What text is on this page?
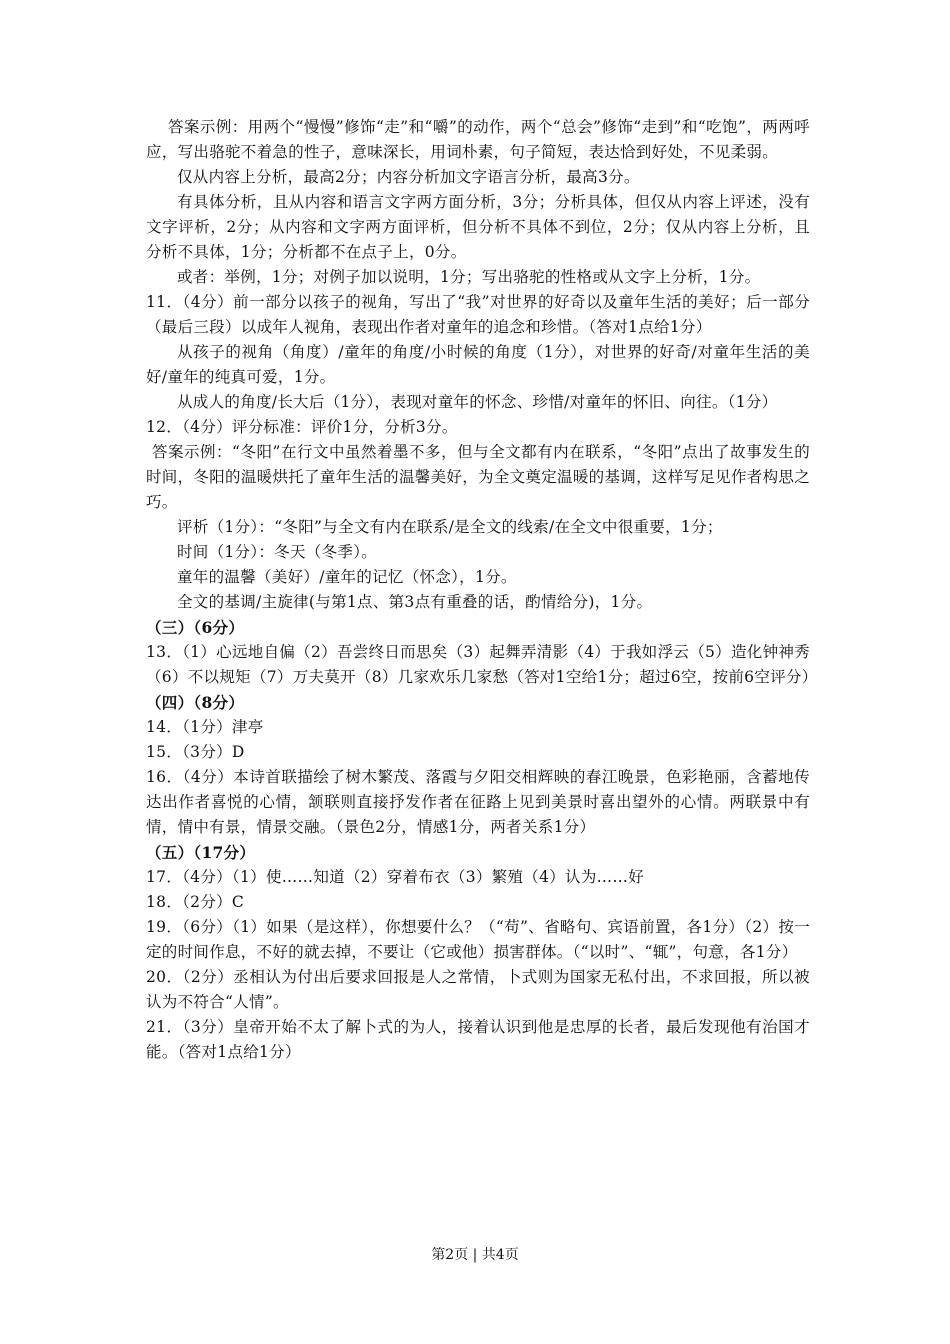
答案示例：用两个“慢慢”修饰“走”和“嚼”的动作，两个“总会”修饰“走到”和“吃饱”，两两呼应，写出骆驼不着急的性子，意味深长，用词朴素，句子简短，表达恰到好处，不见柔弱。

仅从内容上分析，最高2分；内容分析加文字语言分析，最高3分。

有具体分析，且从内容和语言文字两方面分析，3分；分析具体，但仅从内容上评述，没有文字评析，2分；从内容和文字两方面评析，但分析不具体不到位，2分；仅从内容上分析，且分析不具体，1分；分析都不在点子上，0分。

或者：举例，1分；对例子加以说明，1分；写出骆驼的性格或从文字上分析，1分。

11．（4分）前一部分以孩子的视角，写出了“我”对世界的好奇以及童年生活的美好；后一部分（最后三段）以成年人视角，表现出作者对童年的追念和珍惜。（答对1点给1分）

从孩子的视角（角度）/童年的角度/小时候的角度（1分），对世界的好奇/对童年生活的美好/童年的纯真可爱，1分。

从成人的角度/长大后（1分），表现对童年的怀念、珍惜/对童年的怀旧、向往。（1分）

12．（4分）评分标准：评价1分，分析3分。

答案示例：“冬阳”在行文中虽然着墨不多，但与全文都有内在联系，“冬阳”点出了故事发生的时间，冬阳的温暖烘托了童年生活的温馨美好，为全文奠定温暖的基调，这样写足见作者构思之巧。

评析（1分）：“冬阳”与全文有内在联系/是全文的线索/在全文中很重要，1分；

时间（1分）：冬天（冬季）。

童年的温馨（美好）/童年的记忆（怀念），1分。

全文的基调/主旋律(与第1点、第3点有重叠的话，酌情给分)，1分。

（三）（6分）

13．（1）心远地自偏（2）吾尝终日而思矣（3）起舞弄清影（4）于我如浮云（5）造化钟神秀（6）不以规矩（7）万夫莫开（8）几家欢乐几家愁（答对1空给1分；超过6空，按前6空评分）

（四）（8分）

14．（1分）津亭

15．（3分）D

16．（4分）本诗首联描绘了树木繁茂、落霞与夕阳交相辉映的春江晚景，色彩艳丽，含蓄地传达出作者喜悦的心情，颔联则直接抒发作者在征路上见到美景时喜出望外的心情。两联景中有情，情中有景，情景交融。（景色2分，情感1分，两者关系1分）

（五）（17分）

17．（4分）（1）使……知道（2）穿着布衣（3）繁殖（4）认为……好

18．（2分）C

19．（6分）（1）如果（是这样），你想要什么？（“苟”、省略句、宾语前置，各1分）（2）按一定的时间作息，不好的就去掉，不要让（它或他）损害群体。（“以时”、“辄”，句意，各1分）

20．（2分）丞相认为付出后要求回报是人之常情，卜式则为国家无私付出，不求回报，所以被认为不符合“人情”。

21．（3分）皇帝开始不太了解卜式的为人，接着认识到他是忠厚的长者，最后发现他有治国才能。（答对1点给1分）

第2页 | 共4页
